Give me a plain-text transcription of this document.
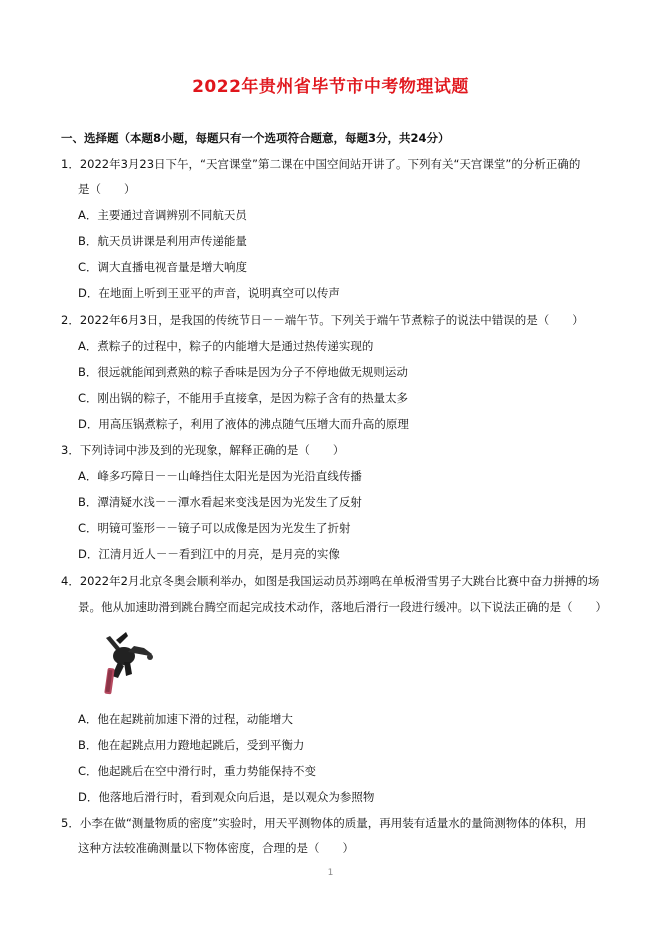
2022年贵州省毕节市中考物理试题
一、选择题（本题8小题，每题只有一个选项符合题意，每题3分，共24分）
1．2022年3月23日下午，“天宫课堂”第二课在中国空间站开讲了。下列有关“天宫课堂”的分析正确的
是（　　）
A．主要通过音调辨别不同航天员
B．航天员讲课是利用声传递能量
C．调大直播电视音量是增大响度
D．在地面上听到王亚平的声音，说明真空可以传声
2．2022年6月3日，是我国的传统节日－－端午节。下列关于端午节煮粽子的说法中错误的是（　　）
A．煮粽子的过程中，粽子的内能增大是通过热传递实现的
B．很远就能闻到煮熟的粽子香味是因为分子不停地做无规则运动
C．刚出锅的粽子，不能用手直接拿，是因为粽子含有的热量太多
D．用高压锅煮粽子，利用了液体的沸点随气压增大而升高的原理
3．下列诗词中涉及到的光现象，解释正确的是（　　）
A．峰多巧障日－－山峰挡住太阳光是因为光沿直线传播
B．潭清疑水浅－－潭水看起来变浅是因为光发生了反射
C．明镜可鉴形－－镜子可以成像是因为光发生了折射
D．江清月近人－－看到江中的月亮，是月亮的实像
4．2022年2月北京冬奥会顺利举办，如图是我国运动员苏翊鸣在单板滑雪男子大跳台比赛中奋力拼搏的场
景。他从加速助滑到跳台腾空而起完成技术动作，落地后滑行一段进行缓冲。以下说法正确的是（　　）
A．他在起跳前加速下滑的过程，动能增大
B．他在起跳点用力蹬地起跳后，受到平衡力
C．他起跳后在空中滑行时，重力势能保持不变
D．他落地后滑行时，看到观众向后退，是以观众为参照物
5．小李在做“测量物质的密度”实验时，用天平测物体的质量，再用装有适量水的量筒测物体的体积，用
这种方法较准确测量以下物体密度，合理的是（　　）
1
